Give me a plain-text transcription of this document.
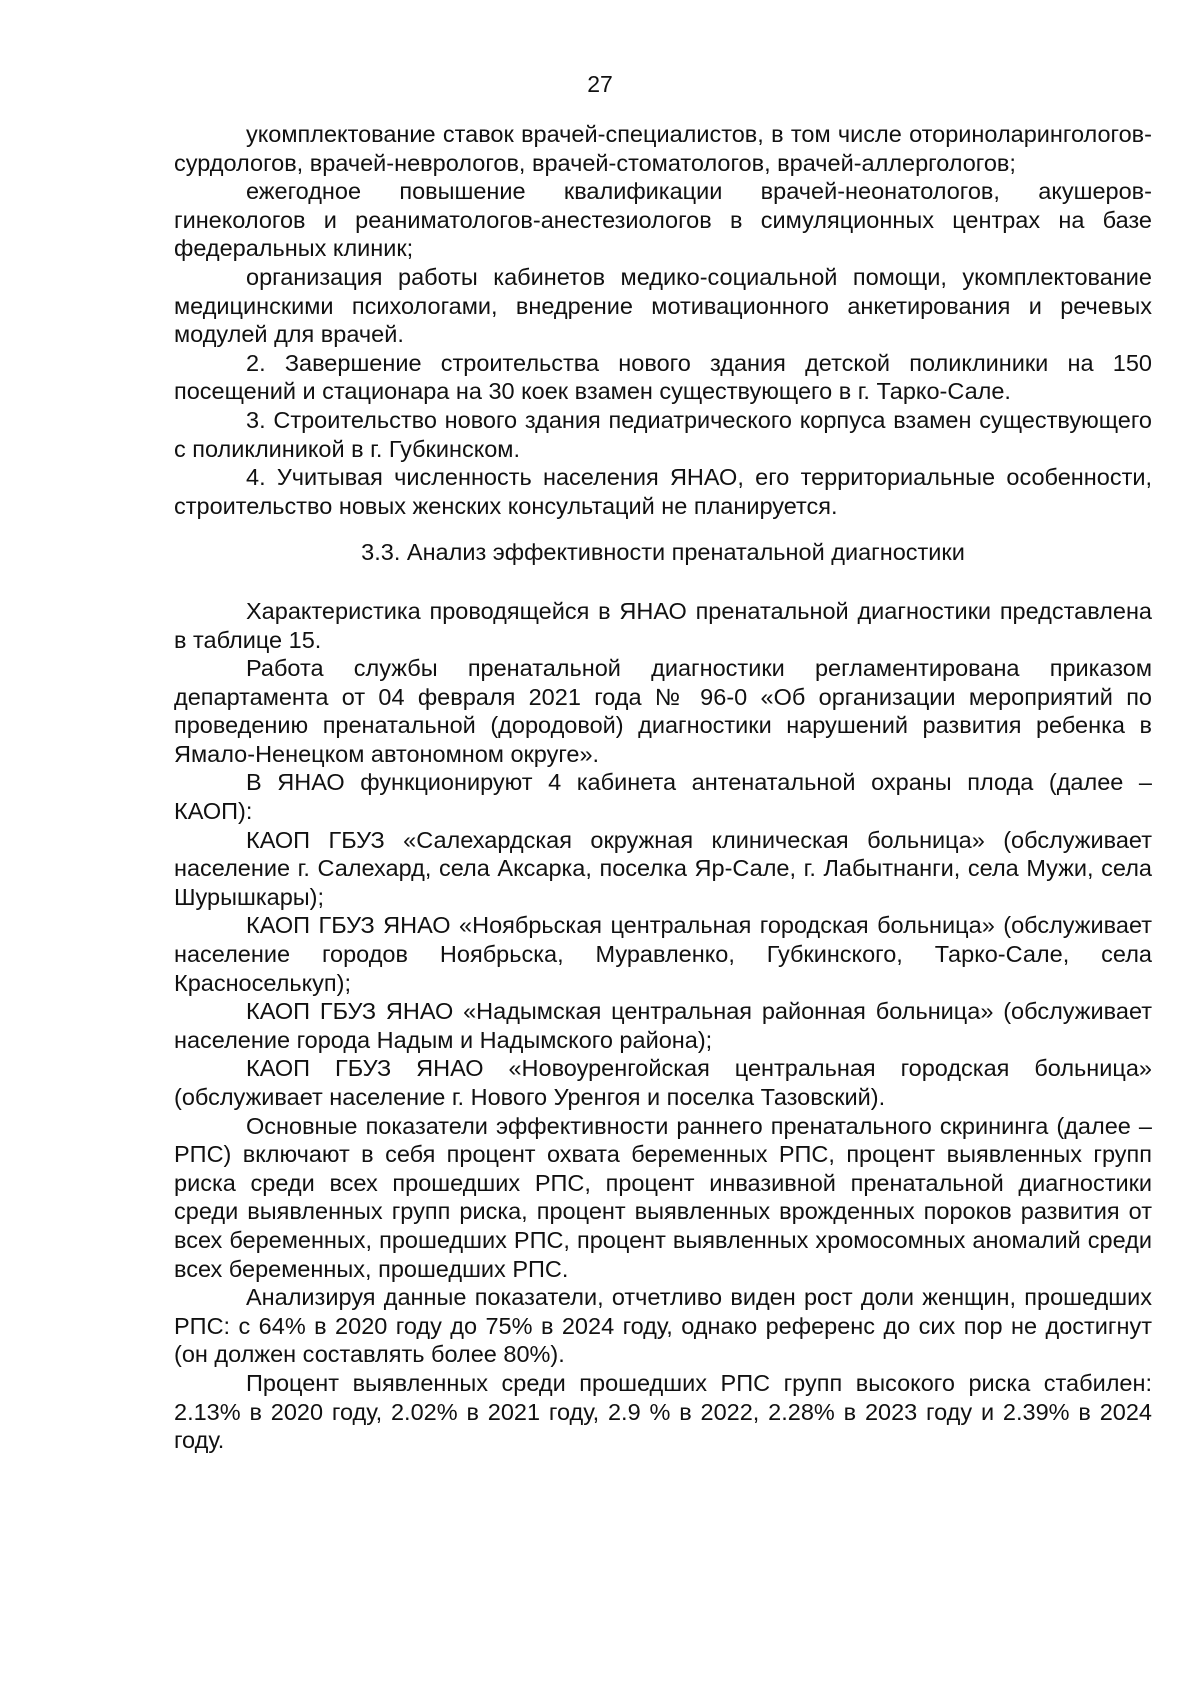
27

укомплектование ставок врачей-специалистов, в том числе оториноларингологов-сурдологов, врачей-неврологов, врачей-стоматологов, врачей-аллергологов;

ежегодное повышение квалификации врачей-неонатологов, акушеров-гинекологов и реаниматологов-анестезиологов в симуляционных центрах на базе федеральных клиник;

организация работы кабинетов медико-социальной помощи, укомплектование медицинскими психологами, внедрение мотивационного анкетирования и речевых модулей для врачей.

2. Завершение строительства нового здания детской поликлиники на 150 посещений и стационара на 30 коек взамен существующего в г. Тарко-Сале.

3. Строительство нового здания педиатрического корпуса взамен существующего с поликлиникой в г. Губкинском.

4. Учитывая численность населения ЯНАО, его территориальные особенности, строительство новых женских консультаций не планируется.

3.3. Анализ эффективности пренатальной диагностики

Характеристика проводящейся в ЯНАО пренатальной диагностики представлена в таблице 15.

Работа службы пренатальной диагностики регламентирована приказом департамента от 04 февраля 2021 года № 96-0 «Об организации мероприятий по проведению пренатальной (дородовой) диагностики нарушений развития ребенка в Ямало-Ненецком автономном округе».

В ЯНАО функционируют 4 кабинета антенатальной охраны плода (далее – КАОП):

КАОП ГБУЗ «Салехардская окружная клиническая больница» (обслуживает население г. Салехард, села Аксарка, поселка Яр-Сале, г. Лабытнанги, села Мужи, села Шурышкары);

КАОП ГБУЗ ЯНАО «Ноябрьская центральная городская больница» (обслуживает население городов Ноябрьска, Муравленко, Губкинского, Тарко-Сале, села Красноселькуп);

КАОП ГБУЗ ЯНАО «Надымская центральная районная больница» (обслуживает население города Надым и Надымского района);

КАОП ГБУЗ ЯНАО «Новоуренгойская центральная городская больница» (обслуживает население г. Нового Уренгоя и поселка Тазовский).

Основные показатели эффективности раннего пренатального скрининга (далее – РПС) включают в себя процент охвата беременных РПС, процент выявленных групп риска среди всех прошедших РПС, процент инвазивной пренатальной диагностики среди выявленных групп риска, процент выявленных врожденных пороков развития от всех беременных, прошедших РПС, процент выявленных хромосомных аномалий среди всех беременных, прошедших РПС.

Анализируя данные показатели, отчетливо виден рост доли женщин, прошедших РПС: с 64% в 2020 году до 75% в 2024 году, однако референс до сих пор не достигнут (он должен составлять более 80%).

Процент выявленных среди прошедших РПС групп высокого риска стабилен: 2.13% в 2020 году, 2.02% в 2021 году, 2.9 % в 2022, 2.28% в 2023 году и 2.39% в 2024 году.
